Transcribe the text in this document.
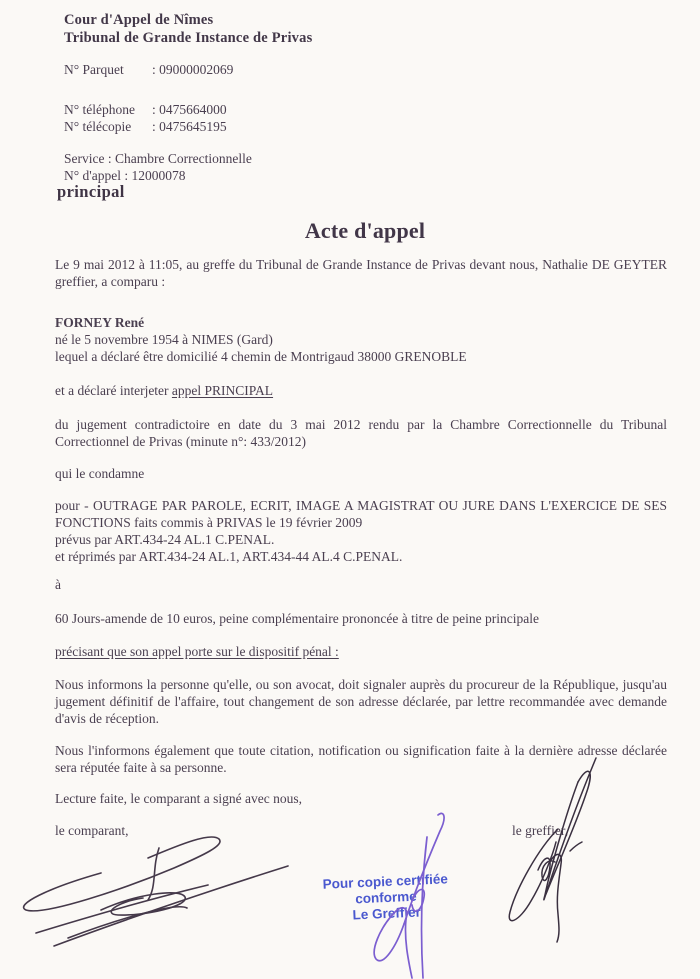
Cour d'Appel de Nîmes
Tribunal de Grande Instance de Privas
N° Parquet	: 09000002069
N° téléphone	: 0475664000
N° télécopie	: 0475645195
Service : Chambre Correctionnelle
N° d'appel : 12000078
principal
Acte d'appel
Le 9 mai 2012 à 11:05, au greffe du Tribunal de Grande Instance de Privas devant nous, Nathalie DE GEYTER greffier, a comparu :
FORNEY René
né le 5 novembre 1954 à NIMES (Gard)
lequel a déclaré être domicilié 4 chemin de Montrigaud 38000 GRENOBLE
et a déclaré interjeter appel PRINCIPAL
du jugement contradictoire en date du 3 mai 2012 rendu par la Chambre Correctionnelle du Tribunal Correctionnel de Privas (minute n°: 433/2012)
qui le condamne
pour - OUTRAGE PAR PAROLE, ECRIT, IMAGE A MAGISTRAT OU JURE DANS L'EXERCICE DE SES FONCTIONS faits commis à PRIVAS le 19 février 2009
prévus par ART.434-24 AL.1 C.PENAL.
et réprimés par ART.434-24 AL.1, ART.434-44 AL.4 C.PENAL.
à
60 Jours-amende de 10 euros, peine complémentaire prononcée à titre de peine principale
précisant que son appel porte sur le dispositif pénal :
Nous informons la personne qu'elle, ou son avocat, doit signaler auprès du procureur de la République, jusqu'au jugement définitif de l'affaire, tout changement de son adresse déclarée, par lettre recommandée avec demande d'avis de réception.
Nous l'informons également que toute citation, notification ou signification faite à la dernière adresse déclarée sera réputée faite à sa personne.
Lecture faite, le comparant a signé avec nous,
le comparant,	le greffier,
Pour copie certifiée conforme
Le Greffier
